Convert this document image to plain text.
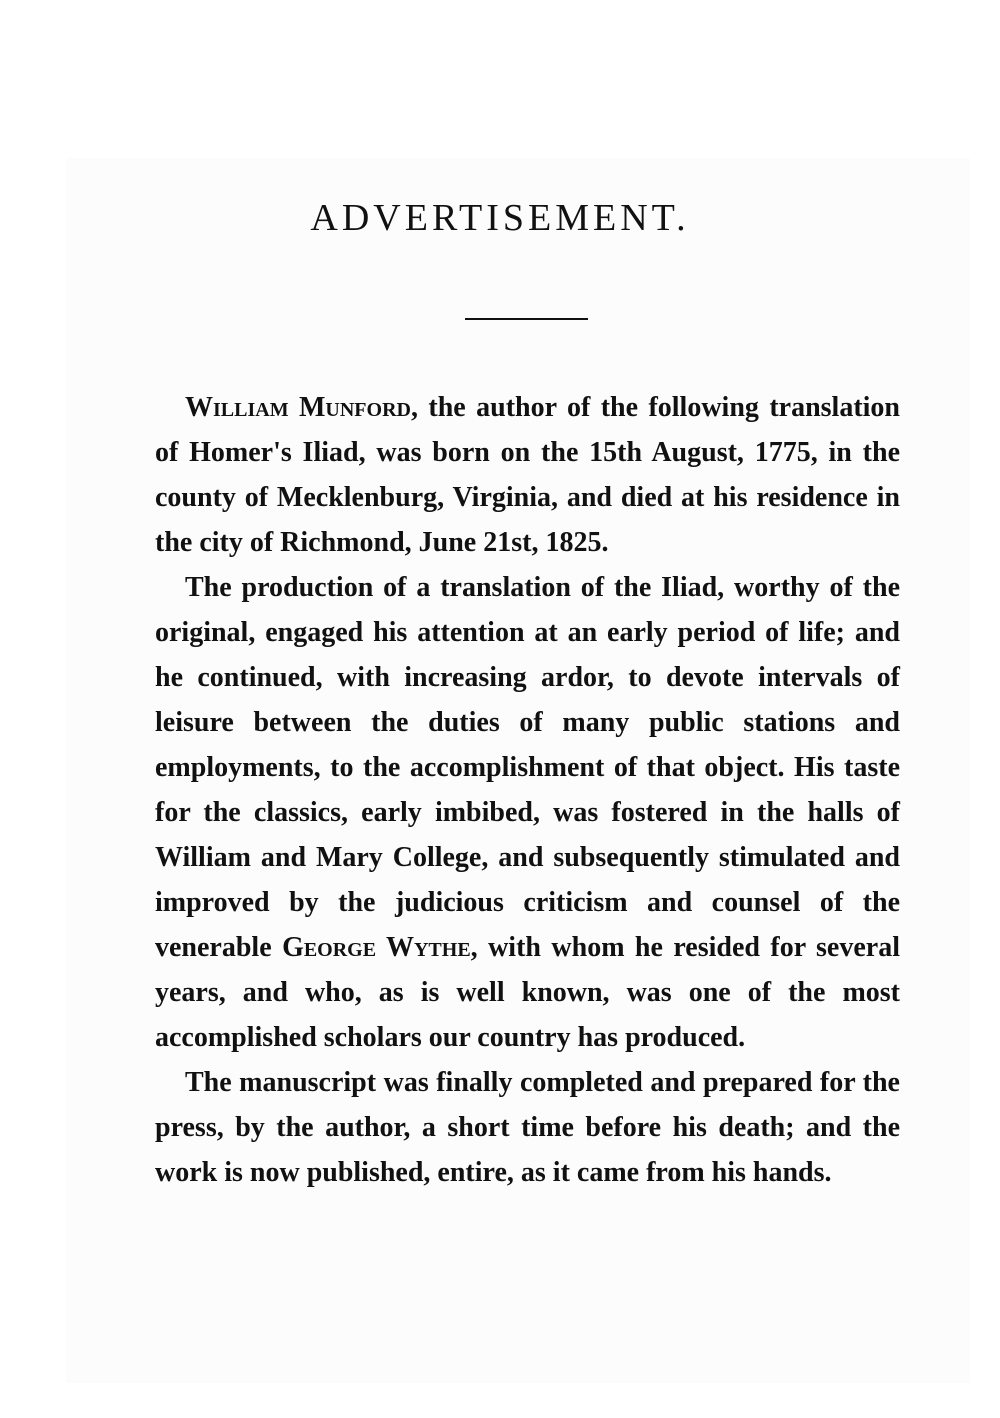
ADVERTISEMENT.

William Munford, the author of the following translation of Homer's Iliad, was born on the 15th August, 1775, in the county of Mecklenburg, Virginia, and died at his residence in the city of Richmond, June 21st, 1825.

The production of a translation of the Iliad, worthy of the original, engaged his attention at an early period of life; and he continued, with increasing ardor, to devote intervals of leisure between the duties of many public stations and employments, to the accomplishment of that object. His taste for the classics, early imbibed, was fostered in the halls of William and Mary College, and subsequently stimulated and improved by the judicious criticism and counsel of the venerable George Wythe, with whom he resided for several years, and who, as is well known, was one of the most accomplished scholars our country has produced.

The manuscript was finally completed and prepared for the press, by the author, a short time before his death; and the work is now published, entire, as it came from his hands.
